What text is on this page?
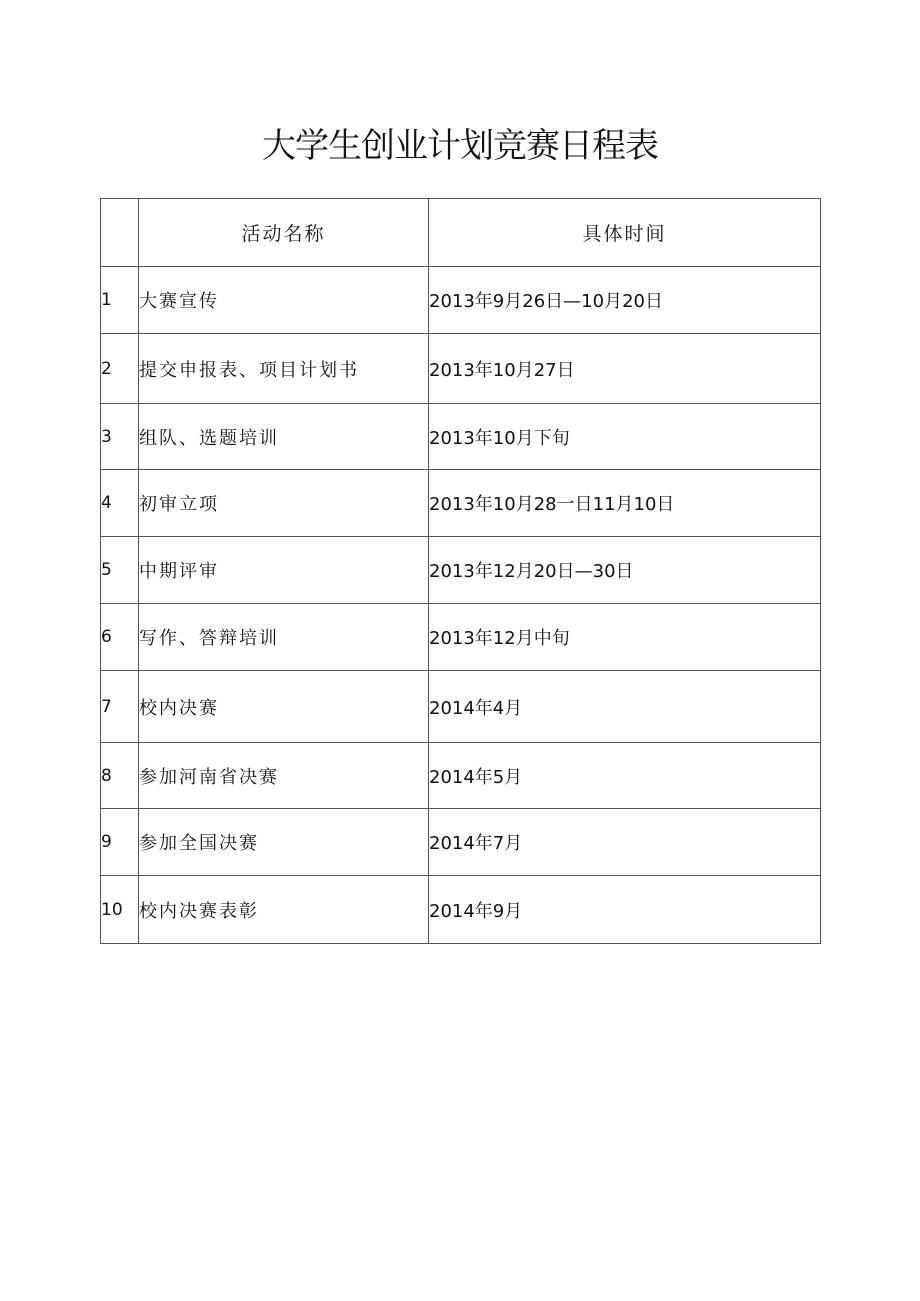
大学生创业计划竞赛日程表
	活动名称	具体时间
1	大赛宣传	2013年9月26日—10月20日
2	提交申报表、项目计划书	2013年10月27日
3	组队、选题培训	2013年10月下旬
4	初审立项	2013年10月28一日11月10日
5	中期评审	2013年12月20日—30日
6	写作、答辩培训	2013年12月中旬
7	校内决赛	2014年4月
8	参加河南省决赛	2014年5月
9	参加全国决赛	2014年7月
10	校内决赛表彰	2014年9月
